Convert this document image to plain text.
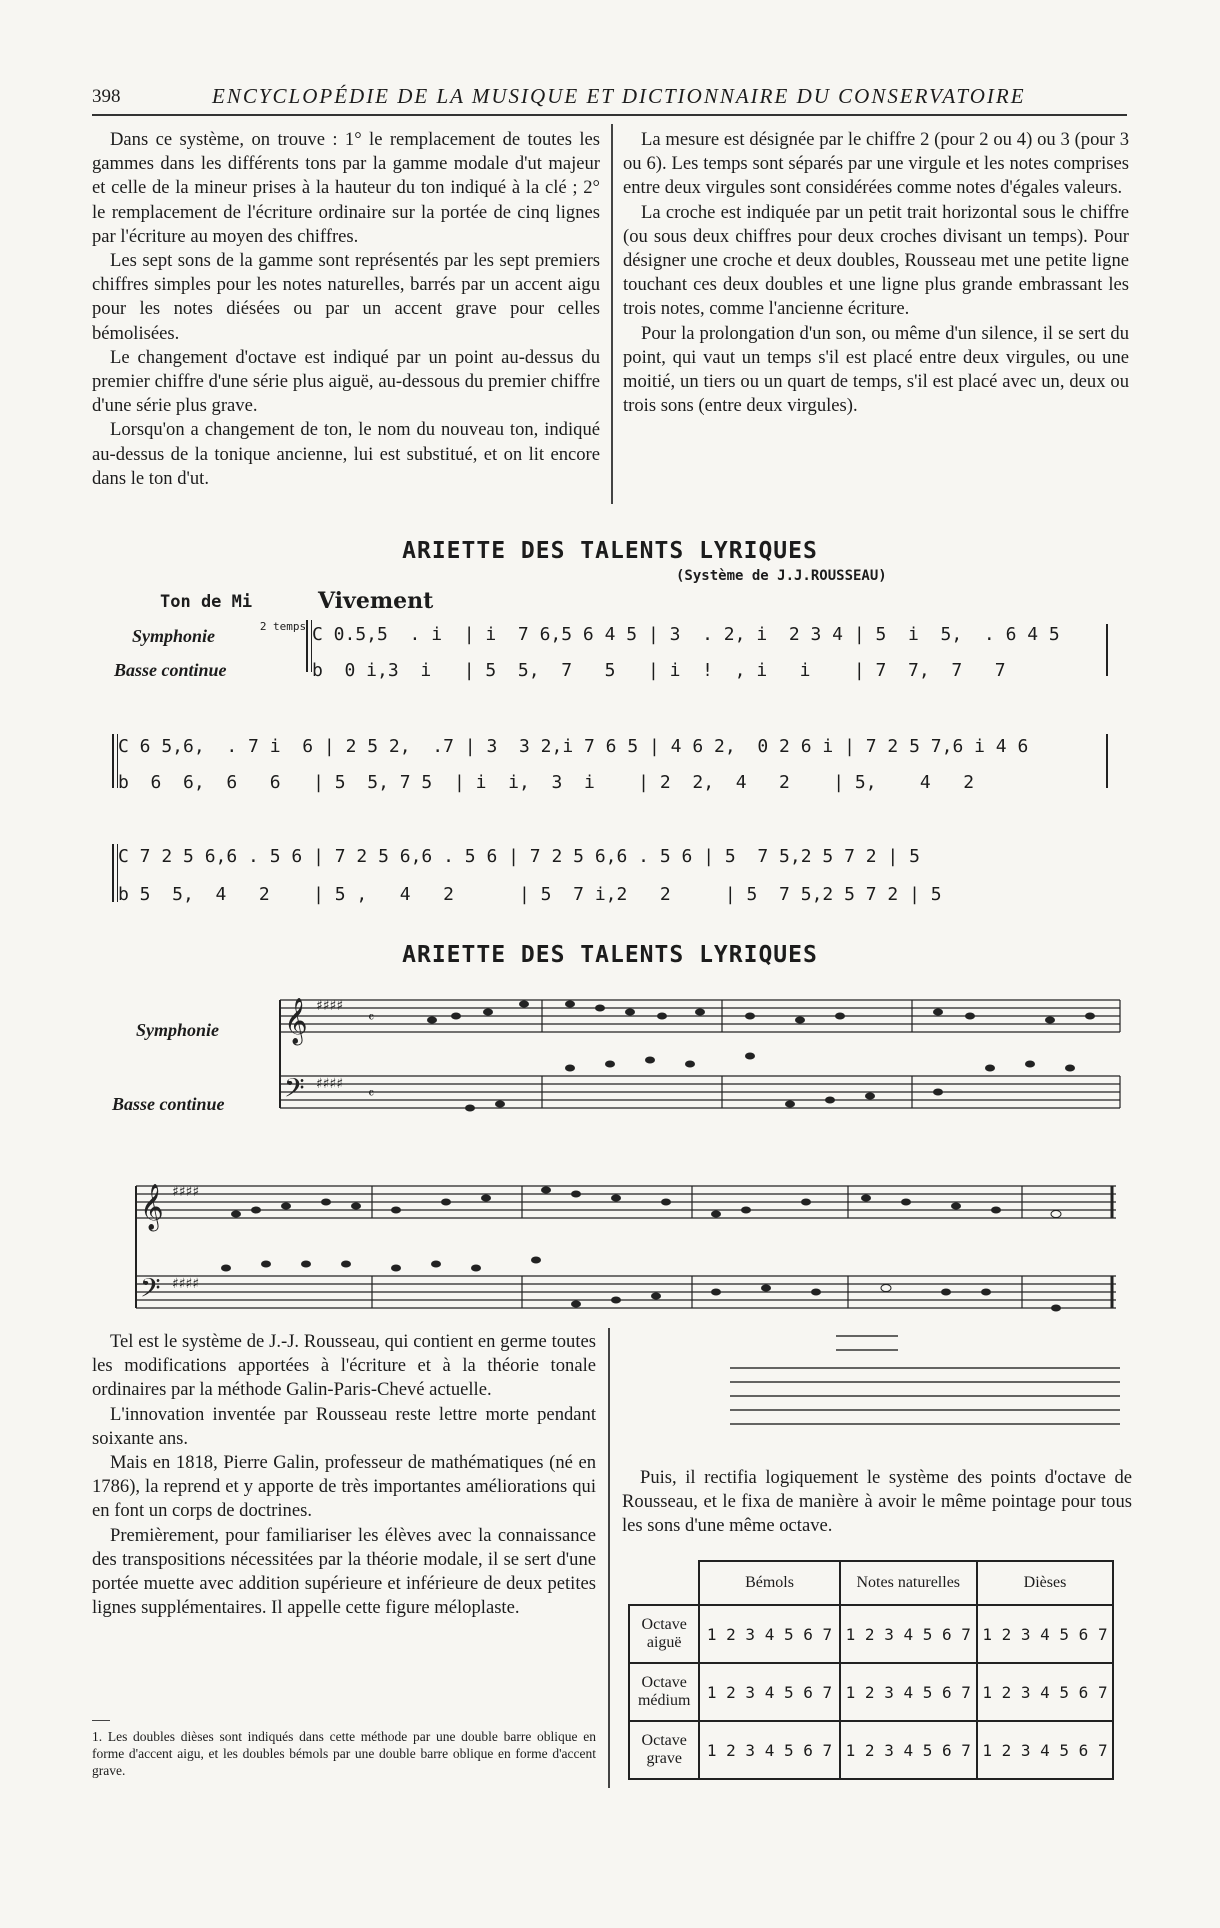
398	ENCYCLOPÉDIE DE LA MUSIQUE ET DICTIONNAIRE DU CONSERVATOIRE

Dans ce système, on trouve : 1° le remplacement de toutes les gammes dans les différents tons par la gamme modale d'ut majeur et celle de la mineur prises à la hauteur du ton indiqué à la clé ; 2° le remplacement de l'écriture ordinaire sur la portée de cinq lignes par l'écriture au moyen des chiffres.

Les sept sons de la gamme sont représentés par les sept premiers chiffres simples pour les notes naturelles, barrés par un accent aigu pour les notes diésées ou par un accent grave pour celles bémolisées.

Le changement d'octave est indiqué par un point au-dessus du premier chiffre d'une série plus aiguë, au-dessous du premier chiffre d'une série plus grave.

Lorsqu'on a changement de ton, le nom du nouveau ton, indiqué au-dessus de la tonique ancienne, lui est substitué, et on lit encore dans le ton d'ut.

La mesure est désignée par le chiffre 2 (pour 2 ou 4) ou 3 (pour 3 ou 6). Les temps sont séparés par une virgule et les notes comprises entre deux virgules sont considérées comme notes d'égales valeurs.

La croche est indiquée par un petit trait horizontal sous le chiffre (ou sous deux chiffres pour deux croches divisant un temps). Pour désigner une croche et deux doubles, Rousseau met une petite ligne touchant ces deux doubles et une ligne plus grande embrassant les trois notes, comme l'ancienne écriture.

Pour la prolongation d'un son, ou même d'un silence, il se sert du point, qui vaut un temps s'il est placé entre deux virgules, ou une moitié, un tiers ou un quart de temps, s'il est placé avec un, deux ou trois sons (entre deux virgules).

ARIETTE DES TALENTS LYRIQUES
(Système de J.J.ROUSSEAU)
Ton de Mi	Vivement
Symphonie
Basse continue
2 temps C 0.5,5  . i  | i  7 6,5 6 4 5 | 3  . 2, i  2 3 4 | 5  i  5,  . 6 4 5
b  0 i,3  i   | 5  5,  7   5   | i  !  , i   i    | 7  7,  7   7
C 6 5,6,  . 7 i  6 | 2 5 2,  .7 | 3  3 2,i 7 6 5 | 4 6 2,  0 2 6 i | 7 2 5 7,6 i 4 6
b  6  6,  6   6   | 5  5, 7 5  | i  i,  3  i    | 2  2,  4   2    | 5,    4   2
C 7 2 5 6,6 . 5 6 | 7 2 5 6,6 . 5 6 | 7 2 5 6,6 . 5 6 | 5  7 5,2 5 7 2 | 5
b 5  5,  4   2    | 5 ,   4   2      | 5  7 i,2   2     | 5  7 5,2 5 7 2 | 5
ARIETTE DES TALENTS LYRIQUES
Symphonie
Basse continue
𝄞
𝄢
♯♯♯♯
♯♯♯♯
𝄴
𝄴
𝄞
𝄢
♯♯♯♯
♯♯♯♯

Tel est le système de J.-J. Rousseau, qui contient en germe toutes les modifications apportées à l'écriture et à la théorie tonale ordinaires par la méthode Galin-Paris-Chevé actuelle.

L'innovation inventée par Rousseau reste lettre morte pendant soixante ans.

Mais en 1818, Pierre Galin, professeur de mathématiques (né en 1786), la reprend et y apporte de très importantes améliorations qui en font un corps de doctrines.

Premièrement, pour familiariser les élèves avec la connaissance des transpositions nécessitées par la théorie modale, il se sert d'une portée muette avec addition supérieure et inférieure de deux petites lignes supplémentaires. Il appelle cette figure méloplaste.

1. Les doubles dièses sont indiqués dans cette méthode par une double barre oblique en forme d'accent aigu, et les doubles bémols par une double barre oblique en forme d'accent grave.

Puis, il rectifia logiquement le système des points d'octave de Rousseau, et le fixa de manière à avoir le même pointage pour tous les sons d'une même octave.

	Bémols	Notes naturelles	Dièses
Octave aiguë	1 2 3 4 5 6 7	1 2 3 4 5 6 7	1 2 3 4 5 6 7
Octave médium	1 2 3 4 5 6 7	1 2 3 4 5 6 7	1 2 3 4 5 6 7
Octave grave	1 2 3 4 5 6 7	1 2 3 4 5 6 7	1 2 3 4 5 6 7
